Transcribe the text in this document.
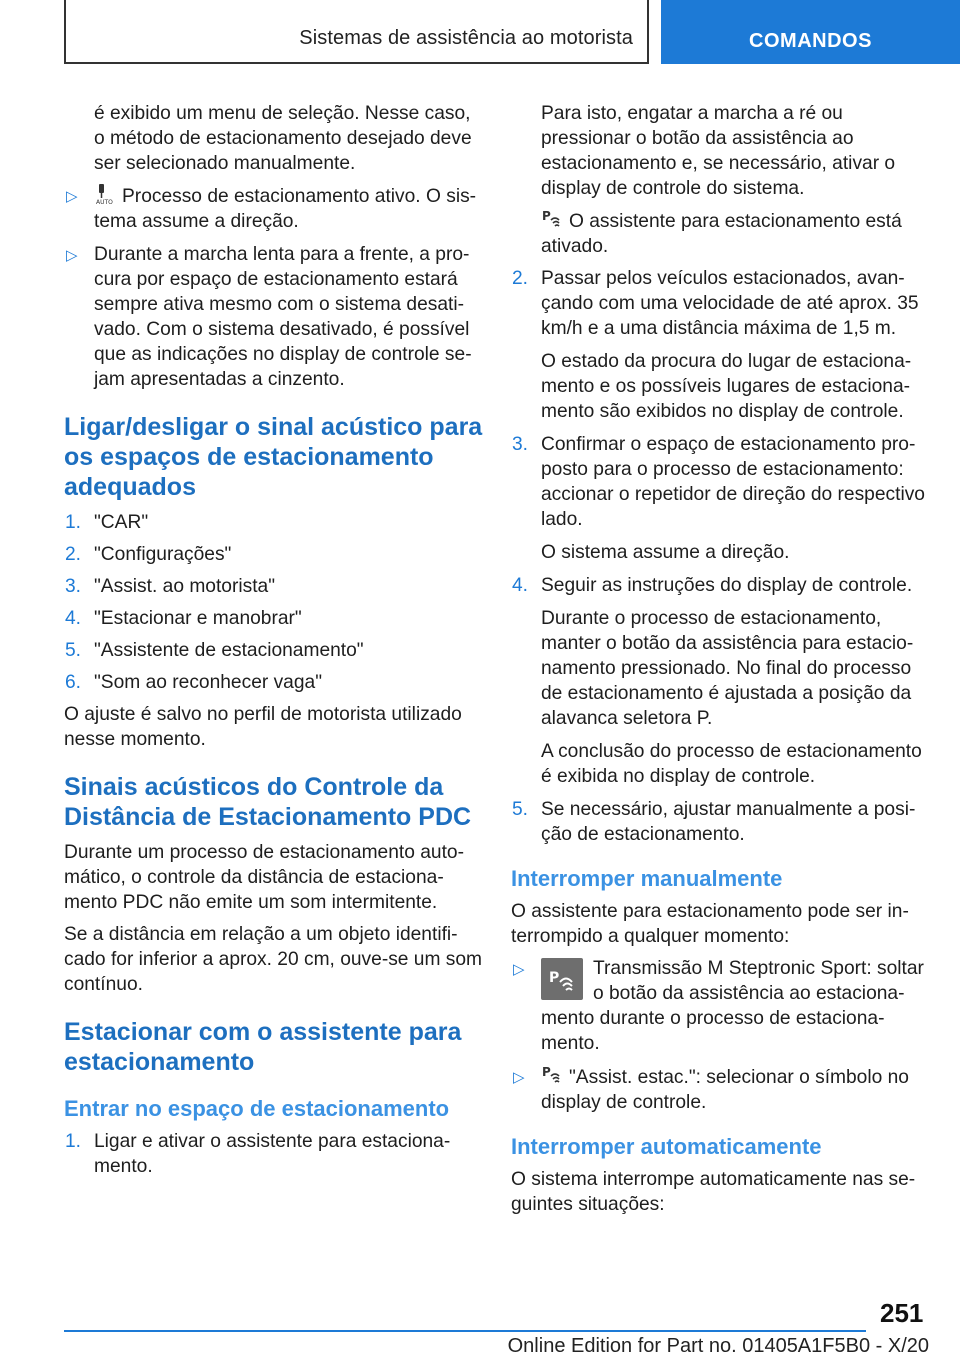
Sistemas de assistência ao motorista	COMANDOS

é exibido um menu de seleção. Nesse caso, o método de estacionamento desejado deve ser selecionado manualmente.

▷	AUTO Processo de estacionamento ativo. O sis-tema assume a direção.
▷ Durante a marcha lenta para a frente, a pro-cura por espaço de estacionamento estará sempre ativa mesmo com o sistema desati-vado. Com o sistema desativado, é possível que as indicações no display de controle se-jam apresentadas a cinzento.
Ligar/desligar o sinal acústico para os espaços de estacionamento adequados
1. "CAR"
2. "Configurações"
3. "Assist. ao motorista"
4. "Estacionar e manobrar"
5. "Assistente de estacionamento"
6. "Som ao reconhecer vaga"

O ajuste é salvo no perfil de motorista utilizado nesse momento.

Sinais acústicos do Controle da Distância de Estacionamento PDC

Durante um processo de estacionamento auto-mático, o controle da distância de estaciona-mento PDC não emite um som intermitente.

Se a distância em relação a um objeto identifi-cado for inferior a aprox. 20 cm, ouve-se um som contínuo.

Estacionar com o assistente para estacionamento
Entrar no espaço de estacionamento
1. Ligar e ativar o assistente para estaciona-mento.

Para isto, engatar a marcha a ré ou pressionar o botão da assistência ao estacionamento e, se necessário, ativar o display de controle do sistema.

P O assistente para estacionamento está ativado.

2. Passar pelos veículos estacionados, avan-çando com uma velocidade de até aprox. 35 km/h e a uma distância máxima de 1,5 m.
O estado da procura do lugar de estaciona-mento e os possíveis lugares de estaciona-mento são exibidos no display de controle.
3. Confirmar o espaço de estacionamento pro-posto para o processo de estacionamento: accionar o repetidor de direção do respectivo lado.
O sistema assume a direção.
4. Seguir as instruções do display de controle.
Durante o processo de estacionamento, manter o botão da assistência para estacio-namento pressionado. No final do processo de estacionamento é ajustada a posição da alavanca seletora P.
A conclusão do processo de estacionamento é exibida no display de controle.
5. Se necessário, ajustar manualmente a posi-ção de estacionamento.
Interromper manualmente

O assistente para estacionamento pode ser in-terrompido a qualquer momento:

▷ P Transmissão M Steptronic Sport: soltar o botão da assistência ao estaciona-mento durante o processo de estaciona-mento.
▷ P "Assist. estac.": selecionar o símbolo no display de controle.
Interromper automaticamente

O sistema interrompe automaticamente nas se-guintes situações:

251
Online Edition for Part no. 01405A1F5B0 - X/20
